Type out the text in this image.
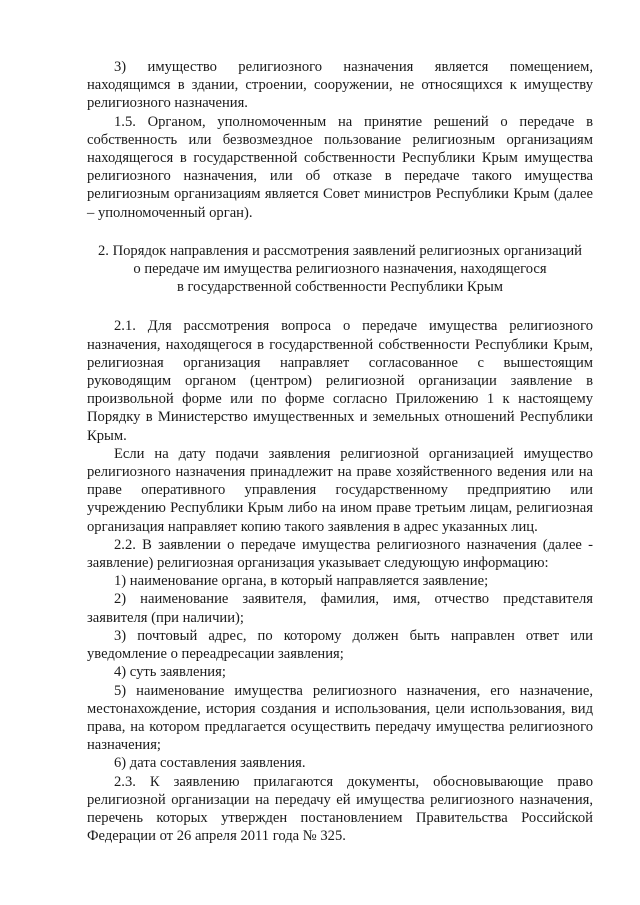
3)   имущество   религиозного   назначения   является   помещением, находящимся в здании, строении, сооружении, не относящихся к имуществу религиозного назначения.

1.5. Органом, уполномоченным на принятие решений о передаче в собственность или безвозмездное пользование религиозным организациям находящегося в государственной собственности Республики Крым имущества религиозного назначения, или об отказе в передаче такого имущества религиозным организациям является Совет министров Республики Крым (далее – уполномоченный орган).

2. Порядок направления и рассмотрения заявлений религиозных организаций
о передаче им имущества религиозного назначения, находящегося
в государственной собственности Республики Крым

2.1. Для рассмотрения вопроса о передаче имущества религиозного назначения, находящегося в государственной собственности Республики Крым, религиозная организация направляет согласованное с вышестоящим руководящим органом (центром) религиозной организации заявление в произвольной форме или по форме согласно Приложению 1 к настоящему Порядку в Министерство имущественных и земельных отношений Республики Крым.

Если на дату подачи заявления религиозной организацией имущество религиозного назначения принадлежит на праве хозяйственного ведения или на праве оперативного управления государственному предприятию или учреждению Республики Крым либо на ином праве третьим лицам, религиозная организация направляет копию такого заявления в адрес указанных лиц.

2.2. В заявлении о передаче имущества религиозного назначения (далее - заявление) религиозная организация указывает следующую информацию:

1) наименование органа, в который направляется заявление;

2) наименование заявителя, фамилия, имя, отчество представителя заявителя (при наличии);

3) почтовый адрес, по которому должен быть направлен ответ или уведомление о переадресации заявления;

4) суть заявления;

5) наименование имущества религиозного назначения, его назначение, местонахождение, история создания и использования, цели использования, вид права, на котором предлагается осуществить передачу имущества религиозного назначения;

6) дата составления заявления.

2.3. К заявлению прилагаются документы, обосновывающие право религиозной организации на передачу ей имущества религиозного назначения, перечень которых утвержден постановлением Правительства Российской Федерации от 26 апреля 2011 года № 325.
